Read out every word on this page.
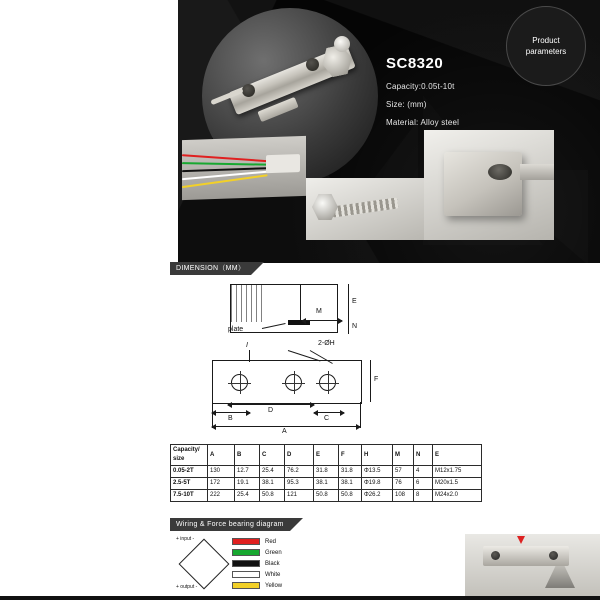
Product
parameters
SC8320
Capacity:0.05t-10t
Size: (mm)
Material: Alloy steel
DIMENSION（MM）
E
N
M
plate
I	2-ØH
F
B
D
C
A
Capacity/ size	A	B	C	D	E	F	H	M	N	E
0.05-2T	130	12.7	25.4	76.2	31.8	31.8	Φ13.5	57	4	M12x1.75
2.5-5T	172	19.1	38.1	95.3	38.1	38.1	Φ19.8	76	6	M20x1.5
7.5-10T	222	25.4	50.8	121	50.8	50.8	Φ26.2	108	8	M24x2.0
Wiring & Force bearing diagram
+ input -
+ output -
Red
Green
Black
White
Yellow
